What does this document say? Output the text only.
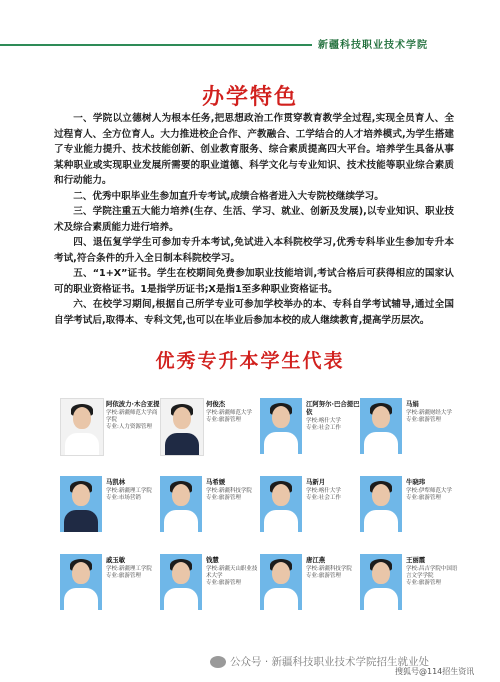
新疆科技职业技术学院
办学特色

一、学院以立德树人为根本任务,把思想政治工作贯穿教育教学全过程,实现全员育人、全过程育人、全方位育人。大力推进校企合作、产教融合、工学结合的人才培养模式,为学生搭建了专业能力提升、技术技能创新、创业教育服务、综合素质提高四大平台。培养学生具备从事某种职业或实现职业发展所需要的职业道德、科学文化与专业知识、技术技能等职业综合素质和行动能力。

二、优秀中职毕业生参加直升专考试,成绩合格者进入大专院校继续学习。

三、学院注重五大能力培养(生存、生活、学习、就业、创新及发展),以专业知识、职业技术及综合素质能力进行培养。

四、退伍复学学生可参加专升本考试,免试进入本科院校学习,优秀专科毕业生参加专升本考试,符合条件的升入全日制本科院校学习。

五、“1+X”证书。学生在校期间免费参加职业技能培训,考试合格后可获得相应的国家认可的职业资格证书。1是指学历证书;X是指1至多种职业资格证书。

六、在校学习期间,根据自己所学专业可参加学校举办的本、专科自学考试辅导,通过全国自学考试后,取得本、专科文凭,也可以在毕业后参加本校的成人继续教育,提高学历层次。

优秀专升本学生代表
阿依波力·木合亚提
学校:新疆师范大学商学院
专业:人力资源管理
何俊杰
学校:新疆师范大学
专业:旅游管理
江阿努尔·巴合提巴依
学校:喀什大学
专业:社会工作
马娟
学校:新疆财经大学
专业:旅游管理
马凯林
学校:新疆理工学院
专业:市场营销
马希媛
学校:新疆科技学院
专业:旅游管理
马新月
学校:喀什大学
专业:社会工作
牛晓玮
学校:伊犁师范大学
专业:旅游管理
戚玉敏
学校:新疆理工学院
专业:旅游管理
钱慧
学校:新疆天山职业技术大学
专业:旅游管理
唐江燕
学校:新疆科技学院
专业:旅游管理
王丽霞
学校:昌吉学院中国语言文学学院
专业:旅游管理
公众号 · 新疆科技职业技术学院招生就业处
搜狐号@114招生资讯
